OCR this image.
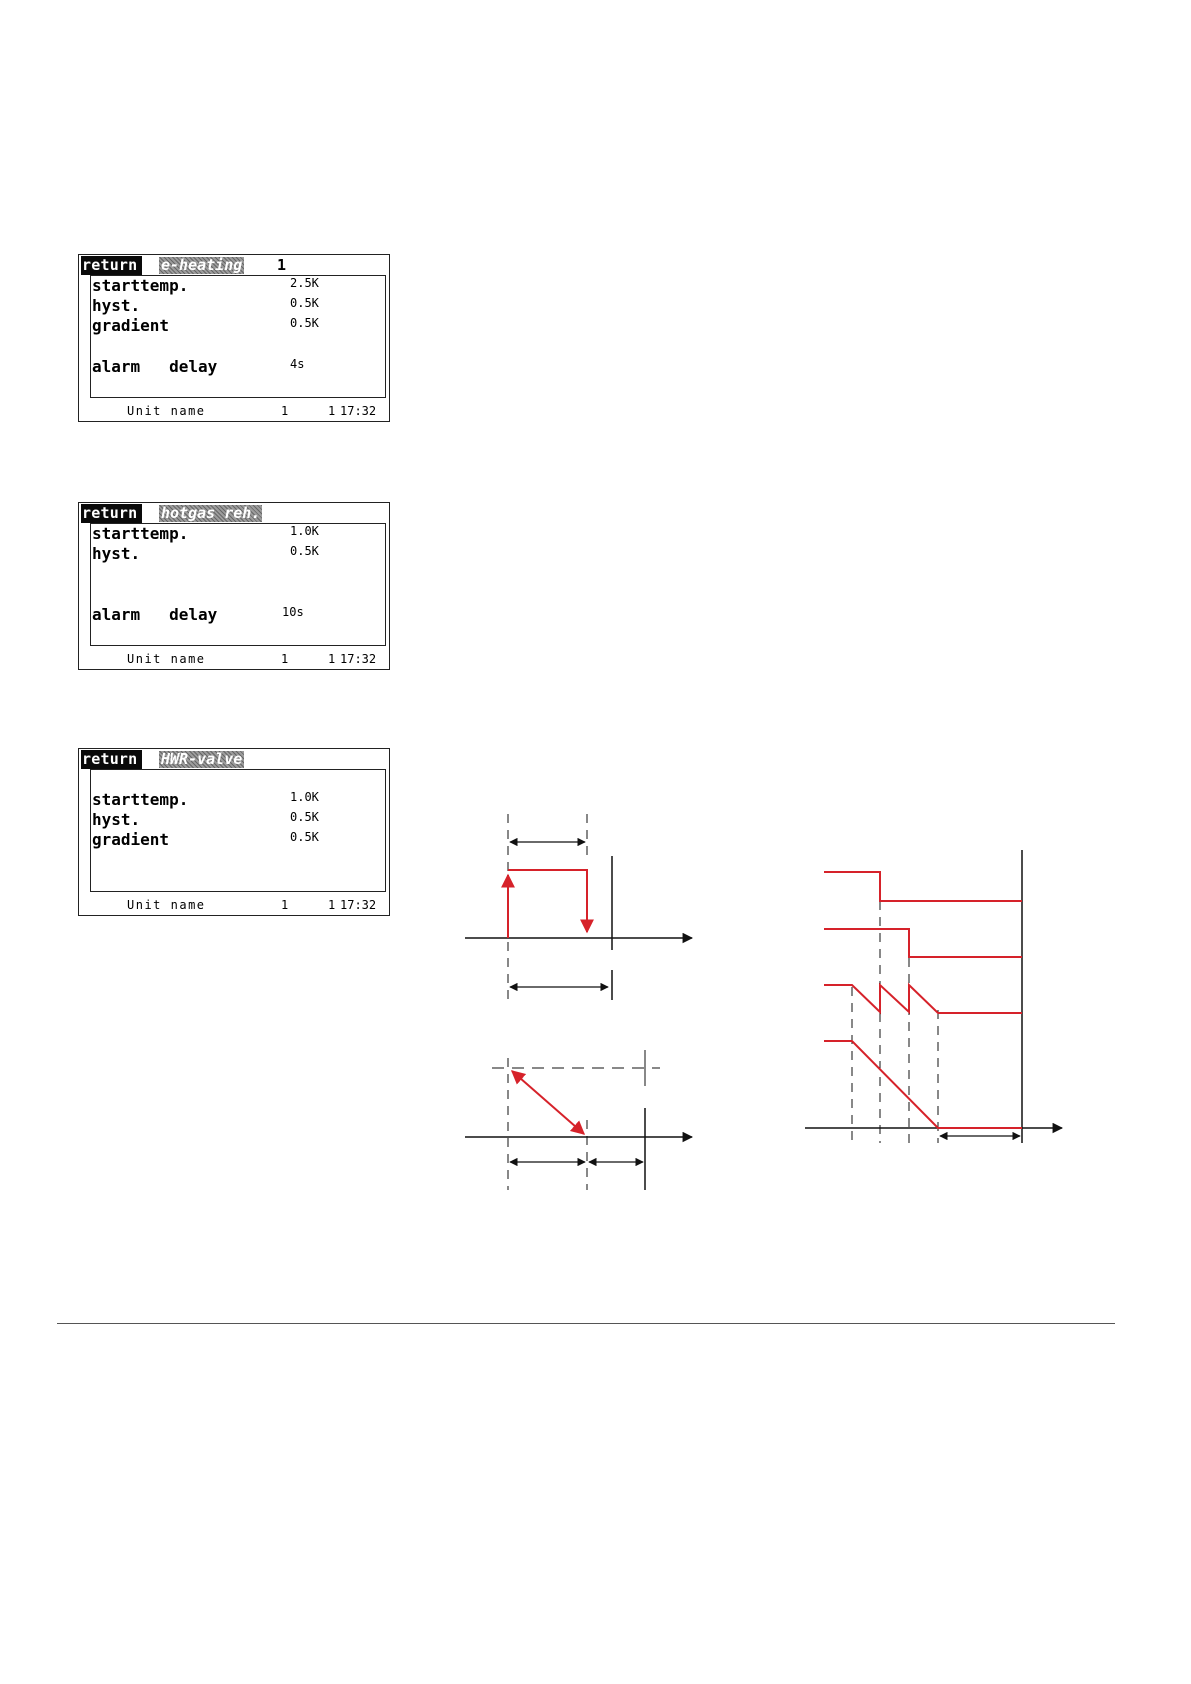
return	e-heating 1
starttemp.	2.5K
hyst.	0.5K
gradient	0.5K
alarm   delay	4s
Unit name	1	1 17:32
return	hotgas reh.
starttemp.	1.0K
hyst.	0.5K
alarm   delay	10s
Unit name	1	1 17:32
return	HWR-valve
starttemp.	1.0K
hyst.	0.5K
gradient	0.5K
Unit name	1	1 17:32
